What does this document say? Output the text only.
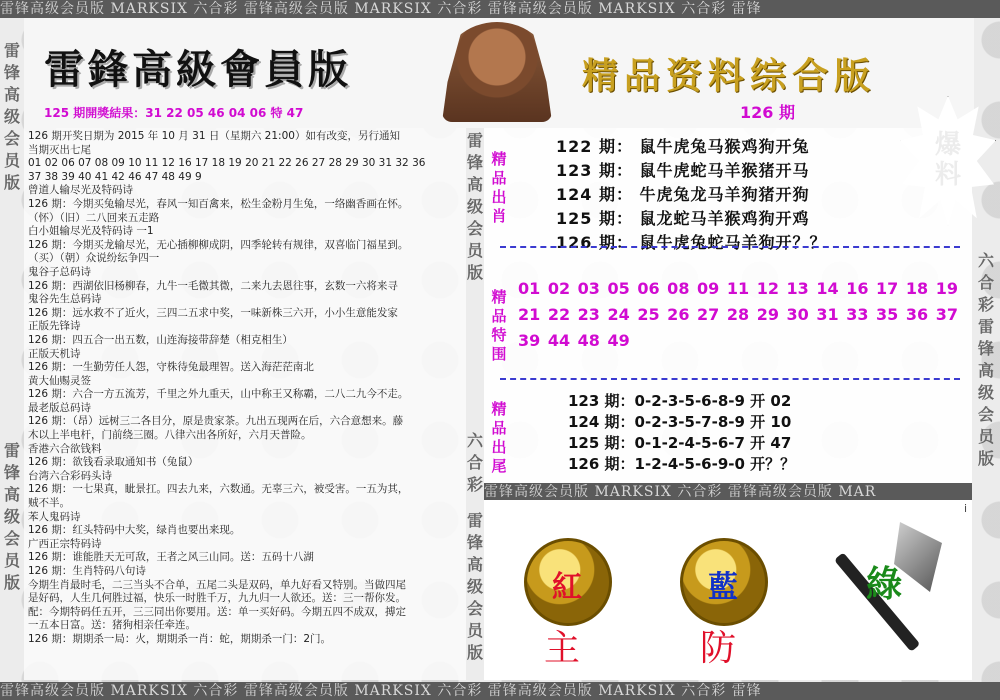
雷锋高级会员版 MARKSIX 六合彩 雷锋高级会员版 MARKSIX 六合彩 雷锋高级会员版 MARKSIX 六合彩 雷锋
雷锋高级会员版 MARKSIX 六合彩 雷锋高级会员版 MARKSIX 六合彩 雷锋高级会员版 MARKSIX 六合彩 雷锋
雷锋高级会员版 MARKSIX 六合彩 雷锋高级会员版 MAR
雷
锋
高
级
会
员
版
雷
锋
高
级
会
员
版
雷
锋
高
级
会
员
版
六
合
彩
雷
锋
高
级
会
员
版
六
合
彩
雷
锋
高
级
会
员
版
雷鋒高級會員版
125 期開獎結果：31 22 05 46 04 06 特 47
精品资料综合版
126 期

126 期开奖日期为 2015 年 10 月 31 日（星期六 21:00）如有改变，另行通知
当期灭出七尾
01 02 06 07 08 09 10 11 12 16 17 18 19 20 21 22 26 27 28 29 30 31 32 36
37 38 39 40 41 42 46 47 48 49 9
曾道人输尽光及特码诗
126 期：今期买兔输尽光，春风一知百禽来，松生金粉月生兔，一络幽香画在怀。
（怀）（旧）二八回来五走路
白小姐输尽光及特码诗 一1
126 期：今期买龙输尽光，无心插柳柳成阴，四季轮转有规律，双喜临门福星到。
（买）（朝）众说纷纭争四一
鬼谷子总码诗
126 期：西湖依旧杨柳春，九牛一毛微其微，二来九去恩往事，玄数一六将来寻
鬼谷先生总码诗
126 期：远水救不了近火，三四二五求中奖，一味新株三六开，小小生意能发家
正版先锋诗
126 期：四五合一出五数，山连海接带辞楚（相克相生）
正版天机诗
126 期：一生勤劳任人怨，守株待兔最理智。送入海茫茫南北
黄大仙赐灵签
126 期：六合一方五流芳，千里之外九重天，山中称王又称霸，二八二九今不走。
最老版总码诗
126 期：（昂）远树三二各目分，原是贵家茶。九出五现两在后，六合意想来。藤
木以上半电杆，门前绕三圈。八律六出各所好，六月天普险。
香港六合欲钱料
126 期：欲钱看录取通知书（兔鼠）
台湾六合彩码头诗
126 期：一七果真，眦景扛。四去九来，六数通。无辜三六，被受害。一五为其，
贼不半。
苯人鬼码诗
126 期：红头特码中大奖，绿肖也要出来现。
广西正宗特码诗
126 期：谁能胜天无可敌，王者之风三山同。送：五码十八湖
126 期：生肖特码八句诗
今期生肖最时毛，二三当头不合单，五尾二头是双码，单九好看又特别。当做四尾
是好码，人生几何胜过福，快乐一时胜千万，九九归一人欲还。送：三一帮你发。
配：今期特码任五开，三三同出你要用。送：单一买好码。今期五四不成双，搏定
一五本日富。送：猪狗相亲任牵连。
126 期：期期杀一局：火，期期杀一肖：蛇，期期杀一门：2门。
精
品
出
肖
122 期： 鼠牛虎兔马猴鸡狗开兔
123 期： 鼠牛虎蛇马羊猴猪开马
124 期： 牛虎兔龙马羊狗猪开狗
125 期： 鼠龙蛇马羊猴鸡狗开鸡
126 期： 鼠牛虎兔蛇马羊狗开？？
精
品
特
围
01 02 03 05 06 08 09 11 12 13 14 16 17 18 19 21 22 23 24 25 26 27 28 29 30 31 33 35 36 37 39 44 48 49
精
品
出
尾
123 期：0-2-3-5-6-8-9 开 02
124 期：0-2-3-5-7-8-9 开 10
125 期：0-1-2-4-5-6-7 开 47
126 期：1-2-4-5-6-9-0 开？？
i
紅
主
藍
防
綠
